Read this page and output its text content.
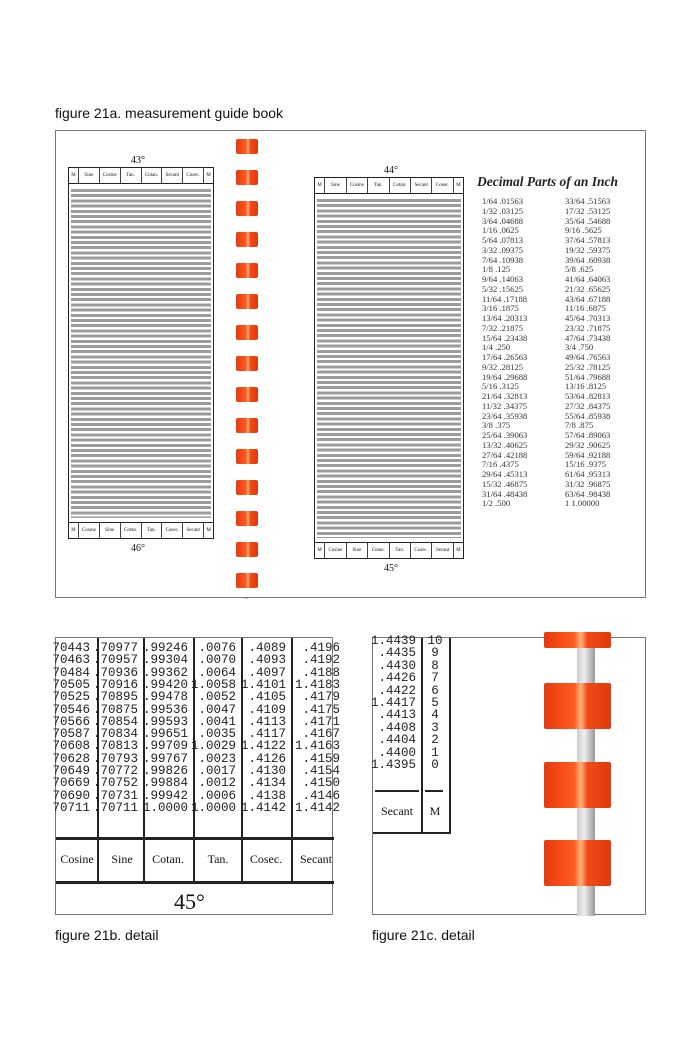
figure 21a. measurement guide book
43°
M	Sine	Cosine	Tan.	Cotan.	Secant	Cosec.	M
M	Cosine	Sine	Cotan.	Tan.	Cosec.	Secant	M
46°
44°
M	Sine	Cosine	Tan.	Cotan.	Secant	Cosec.	M
M	Cosine	Sine	Cotan.	Tan.	Cosec.	Secant	M
45°
Decimal Parts of an Inch
1/64 .01563	33/64 .51563
1/32 .03125	17/32 .53125
3/64 .04688	35/64 .54688
1/16 .0625	9/16 .5625
5/64 .07813	37/64 .57813
3/32 .09375	19/32 .59375
7/64 .10938	39/64 .60938
1/8 .125	5/8 .625
9/64 .14063	41/64 .64063
5/32 .15625	21/32 .65625
11/64 .17188	43/64 .67188
3/16 .1875	11/16 .6875
13/64 .20313	45/64 .70313
7/32 .21875	23/32 .71875
15/64 .23438	47/64 .73438
1/4 .250	3/4 .750
17/64 .26563	49/64 .76563
9/32 .28125	25/32 .78125
19/64 .29688	51/64 .79688
5/16 .3125	13/16 .8125
21/64 .32813	53/64 .82813
11/32 .34375	27/32 .84375
23/64 .35938	55/64 .85938
3/8 .375	7/8 .875
25/64 .39063	57/64 .89063
13/32 .40625	29/32 .90625
27/64 .42188	59/64 .92188
7/16 .4375	15/16 .9375
29/64 .45313	61/64 .95313
15/32 .46875	31/32 .96875
31/64 .48438	63/64 .98438
1/2 .500	1 1.00000
70443 .70977 .99246 .0076 .4089 .4196
70463 .70957 .99304 .0070 .4093 .4192
70484 .70936 .99362 .0064 .4097 .4188
70505 .70916 .99420 1.0058 1.4101 1.4183
70525 .70895 .99478 .0052 .4105 .4179
70546 .70875 .99536 .0047 .4109 .4175
70566 .70854 .99593 .0041 .4113 .4171
70587 .70834 .99651 .0035 .4117 .4167
70608 .70813 .99709 1.0029 1.4122 1.4163
70628 .70793 .99767 .0023 .4126 .4159
70649 .70772 .99826 .0017 .4130 .4154
70669 .70752 .99884 .0012 .4134 .4150
70690 .70731 .99942 .0006 .4138 .4146
70711 .70711 1.0000 1.0000 1.4142 1.4142
Cosine	Sine	Cotan.	Tan.	Cosec.	Secant
45°
1.4439 10
.4435	9
.4430	8
.4426	7
.4422	6
1.4417	5
.4413	4
.4408	3
.4404	2
.4400	1
1.4395	0
Secant	M
figure 21b. detail	figure 21c. detail
